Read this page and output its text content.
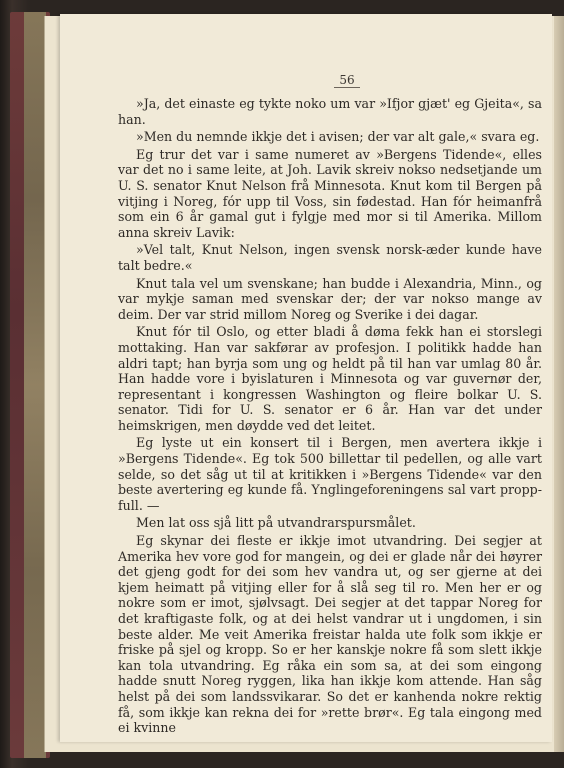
56

»Ja, det einaste eg tykte noko um var »Ifjor gjæt' eg Gjeita«, sa han.

»Men du nemnde ikkje det i avisen; der var alt gale,« svara eg.

Eg trur det var i same numeret av »Bergens Tidende«, elles var det no i same leite, at Joh. Lavik skreiv nokso nedsetjande um U. S. senator Knut Nelson frå Minnesota. Knut kom til Bergen på vitjing i Noreg, fór upp til Voss, sin fødestad. Han fór heimanfrå som ein 6 år gamal gut i fylgje med mor si til Amerika. Millom anna skreiv Lavik:

»Vel talt, Knut Nelson, ingen svensk norsk-æder kunde have talt bedre.«

Knut tala vel um svenskane; han budde i Alexandria, Minn., og var mykje saman med svenskar der; der var nokso mange av deim. Der var strid millom Noreg og Sverike i dei dagar.

Knut fór til Oslo, og etter bladi å døma fekk han ei storslegi mottaking. Han var sakførar av profesjon. I politikk hadde han aldri tapt; han byrja som ung og heldt på til han var umlag 80 år. Han hadde vore i byislaturen i Minnesota og var guvernør der, representant i kongressen Washington og fleire bolkar U. S. senator. Tidi for U. S. senator er 6 år. Han var det under heimskrigen, men døydde ved det leitet.

Eg lyste ut ein konsert til i Bergen, men avertera ikkje i »Bergens Tidende«. Eg tok 500 billettar til pedellen, og alle vart selde, so det såg ut til at kritikken i »Bergens Tidende« var den beste avertering eg kunde få. Ynglingeforeningens sal vart propp-full. —

Men lat oss sjå litt på utvandrarspursmålet.

Eg skynar dei fleste er ikkje imot utvandring. Dei segjer at Amerika hev vore god for mangein, og dei er glade når dei høyrer det gjeng godt for dei som hev vandra ut, og ser gjerne at dei kjem heimatt på vitjing eller for å slå seg til ro. Men her er og nokre som er imot, sjølvsagt. Dei segjer at det tappar Noreg for det kraftigaste folk, og at dei helst vandrar ut i ungdomen, i sin beste alder. Me veit Amerika freistar halda ute folk som ikkje er friske på sjel og kropp. So er her kanskje nokre få som slett ikkje kan tola utvandring. Eg råka ein som sa, at dei som eingong hadde snutt Noreg ryggen, lika han ikkje kom attende. Han såg helst på dei som landssvikarar. So det er kanhenda nokre rektig få, som ikkje kan rekna dei for »rette brør«. Eg tala eingong med ei kvinne
